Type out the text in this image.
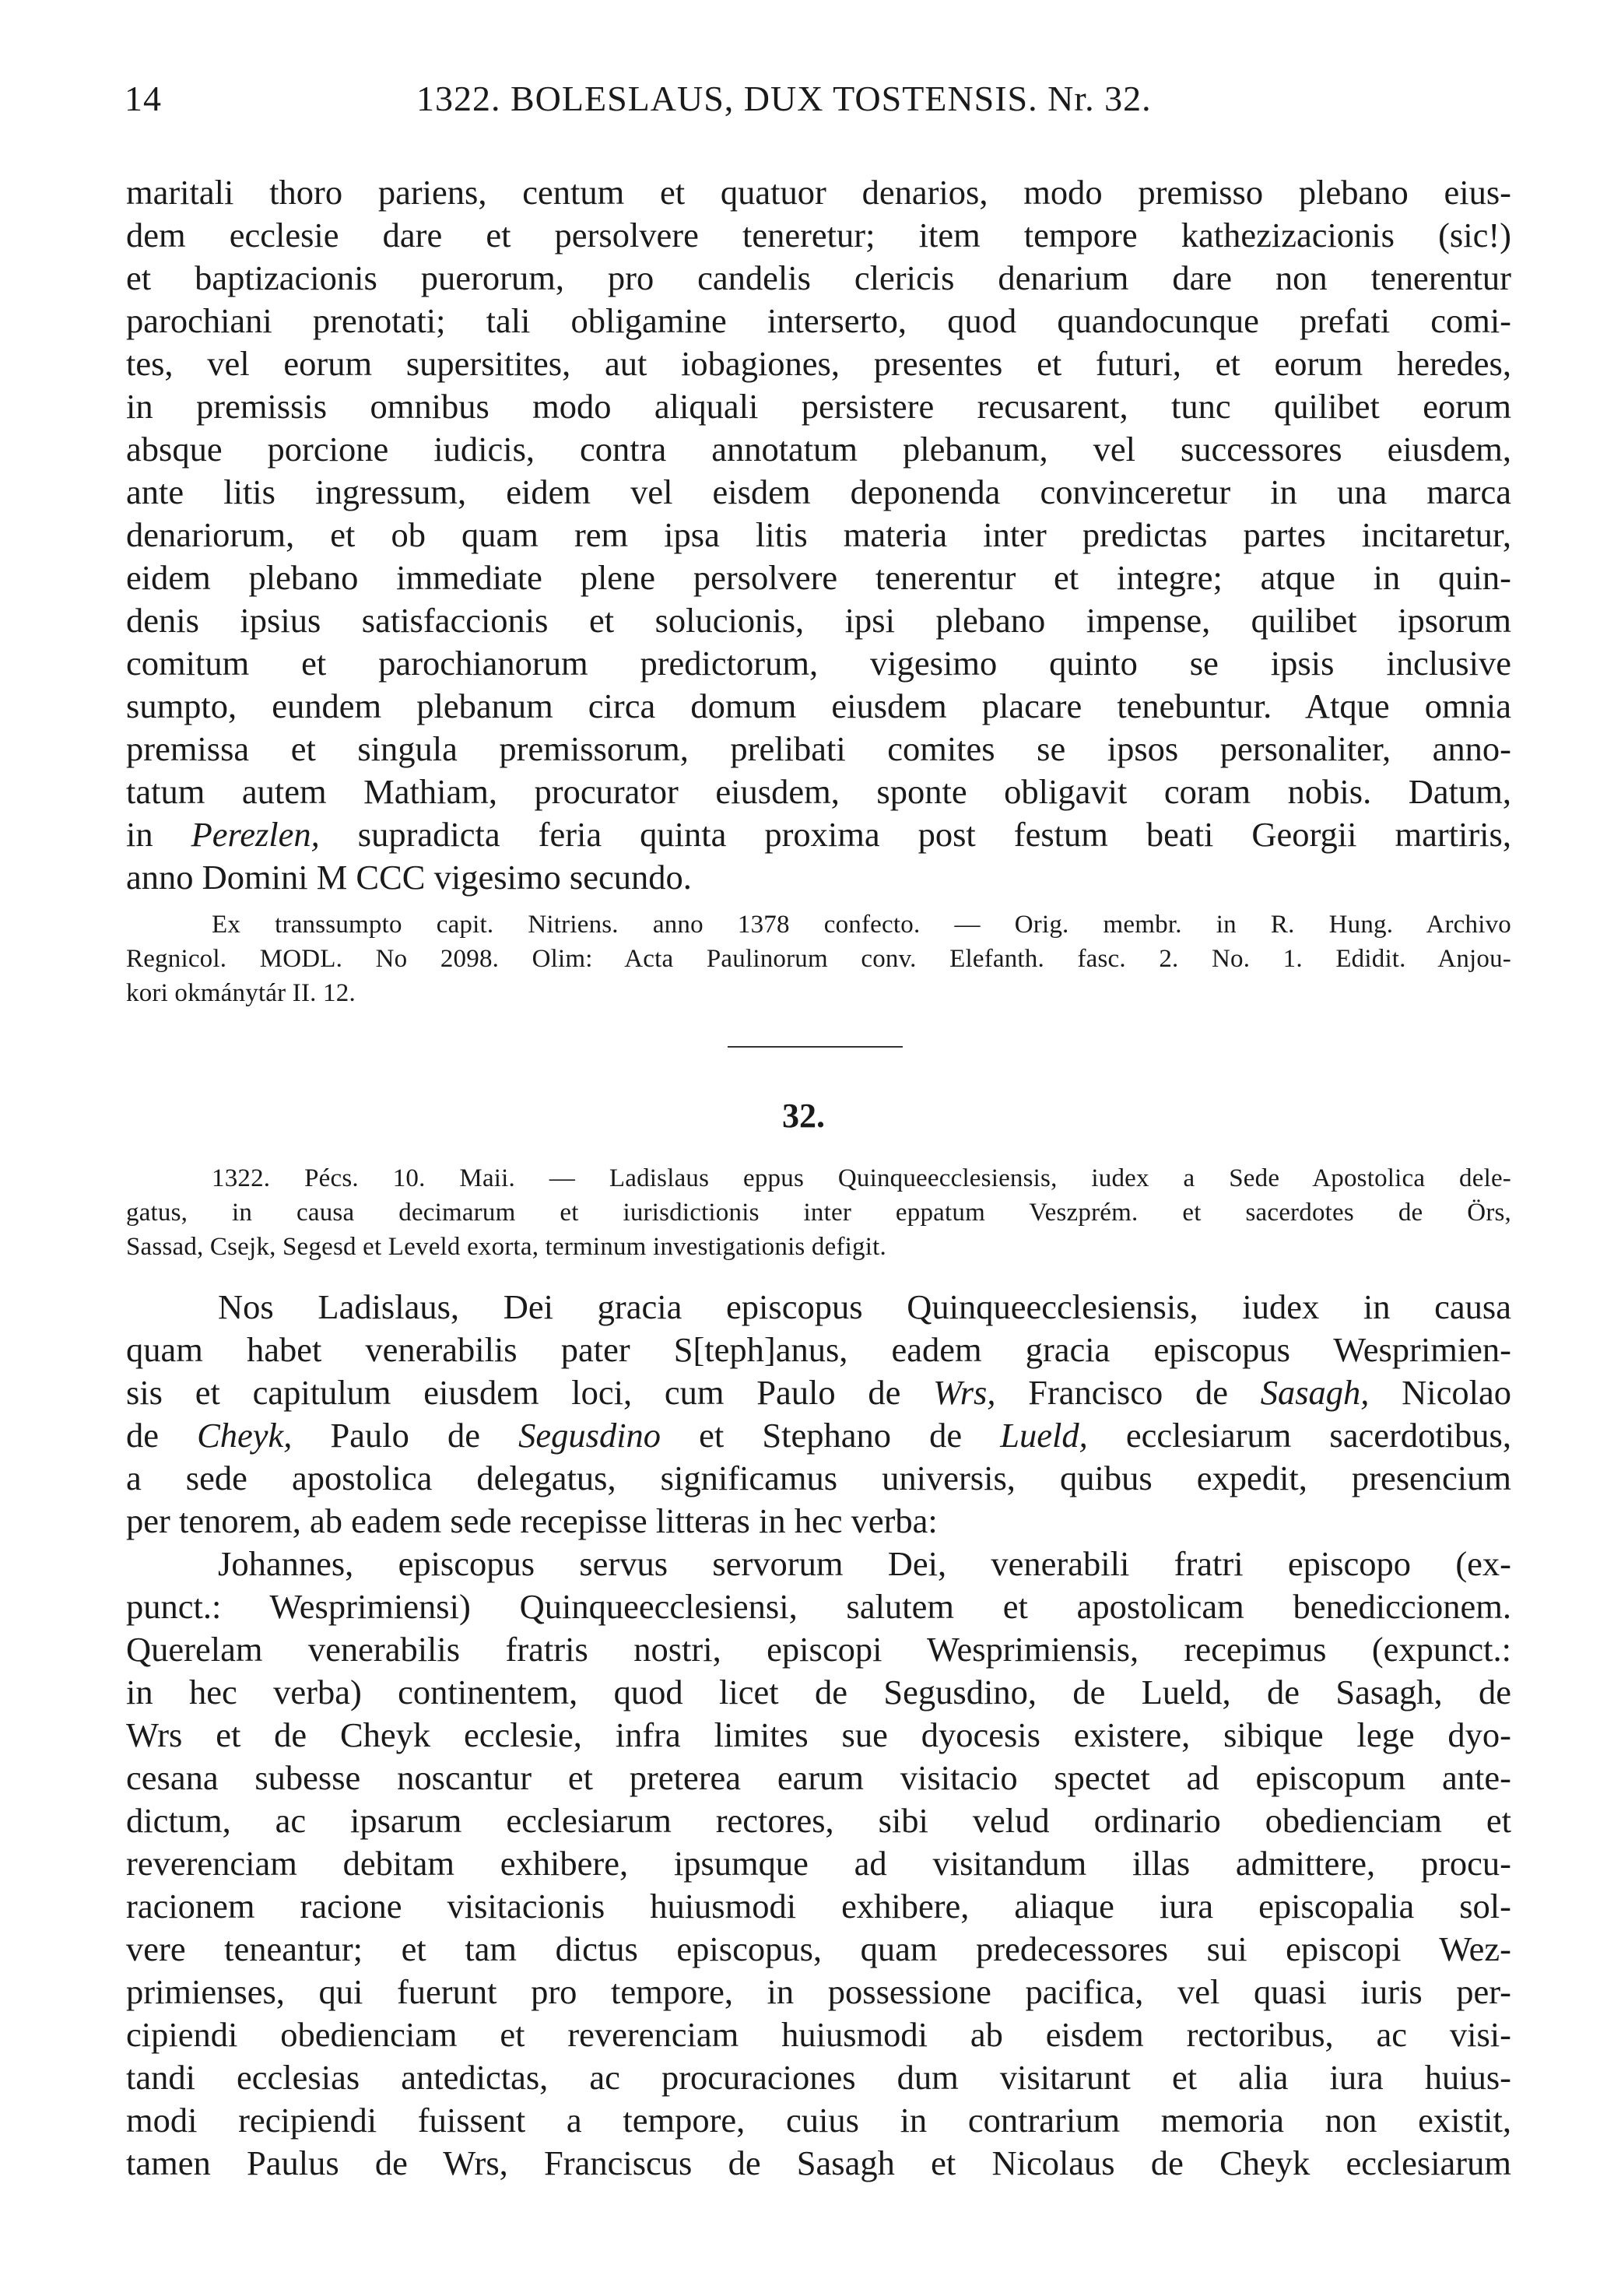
14	1322. BOLESLAUS, DUX TOSTENSIS. Nr. 32.
maritali thoro pariens, centum et quatuor denarios, modo premisso plebano eius-
dem ecclesie dare et persolvere teneretur; item tempore kathezizacionis (sic!)
et baptizacionis puerorum, pro candelis clericis denarium dare non tenerentur
parochiani prenotati; tali obligamine interserto, quod quandocunque prefati comi-
tes, vel eorum supersitites, aut iobagiones, presentes et futuri, et eorum heredes,
in premissis omnibus modo aliquali persistere recusarent, tunc quilibet eorum
absque porcione iudicis, contra annotatum plebanum, vel successores eiusdem,
ante litis ingressum, eidem vel eisdem deponenda convinceretur in una marca
denariorum, et ob quam rem ipsa litis materia inter predictas partes incitaretur,
eidem plebano immediate plene persolvere tenerentur et integre; atque in quin-
denis ipsius satisfaccionis et solucionis, ipsi plebano impense, quilibet ipsorum
comitum et parochianorum predictorum, vigesimo quinto se ipsis inclusive
sumpto, eundem plebanum circa domum eiusdem placare tenebuntur. Atque omnia
premissa et singula premissorum, prelibati comites se ipsos personaliter, anno-
tatum autem Mathiam, procurator eiusdem, sponte obligavit coram nobis. Datum,
in Perezlen, supradicta feria quinta proxima post festum beati Georgii martiris,
anno Domini M CCC vigesimo secundo.
Ex transsumpto capit. Nitriens. anno 1378 confecto. — Orig. membr. in R. Hung. Archivo
Regnicol. MODL. No 2098. Olim: Acta Paulinorum conv. Elefanth. fasc. 2. No. 1. Edidit. Anjou-
kori okmánytár II. 12.
32.
1322. Pécs. 10. Maii. — Ladislaus eppus Quinqueecclesiensis, iudex a Sede Apostolica dele-
gatus, in causa decimarum et iurisdictionis inter eppatum Veszprém. et sacerdotes de Örs,
Sassad, Csejk, Segesd et Leveld exorta, terminum investigationis defigit.
Nos Ladislaus, Dei gracia episcopus Quinqueecclesiensis, iudex in causa
quam habet venerabilis pater S[teph]anus, eadem gracia episcopus Wesprimien-
sis et capitulum eiusdem loci, cum Paulo de Wrs, Francisco de Sasagh, Nicolao
de Cheyk, Paulo de Segusdino et Stephano de Lueld, ecclesiarum sacerdotibus,
a sede apostolica delegatus, significamus universis, quibus expedit, presencium
per tenorem, ab eadem sede recepisse litteras in hec verba:
Johannes, episcopus servus servorum Dei, venerabili fratri episcopo (ex-
punct.: Wesprimiensi) Quinqueecclesiensi, salutem et apostolicam benediccionem.
Querelam venerabilis fratris nostri, episcopi Wesprimiensis, recepimus (expunct.:
in hec verba) continentem, quod licet de Segusdino, de Lueld, de Sasagh, de
Wrs et de Cheyk ecclesie, infra limites sue dyocesis existere, sibique lege dyo-
cesana subesse noscantur et preterea earum visitacio spectet ad episcopum ante-
dictum, ac ipsarum ecclesiarum rectores, sibi velud ordinario obedienciam et
reverenciam debitam exhibere, ipsumque ad visitandum illas admittere, procu-
racionem racione visitacionis huiusmodi exhibere, aliaque iura episcopalia sol-
vere teneantur; et tam dictus episcopus, quam predecessores sui episcopi Wez-
primienses, qui fuerunt pro tempore, in possessione pacifica, vel quasi iuris per-
cipiendi obedienciam et reverenciam huiusmodi ab eisdem rectoribus, ac visi-
tandi ecclesias antedictas, ac procuraciones dum visitarunt et alia iura huius-
modi recipiendi fuissent a tempore, cuius in contrarium memoria non existit,
tamen Paulus de Wrs, Franciscus de Sasagh et Nicolaus de Cheyk ecclesiarum
